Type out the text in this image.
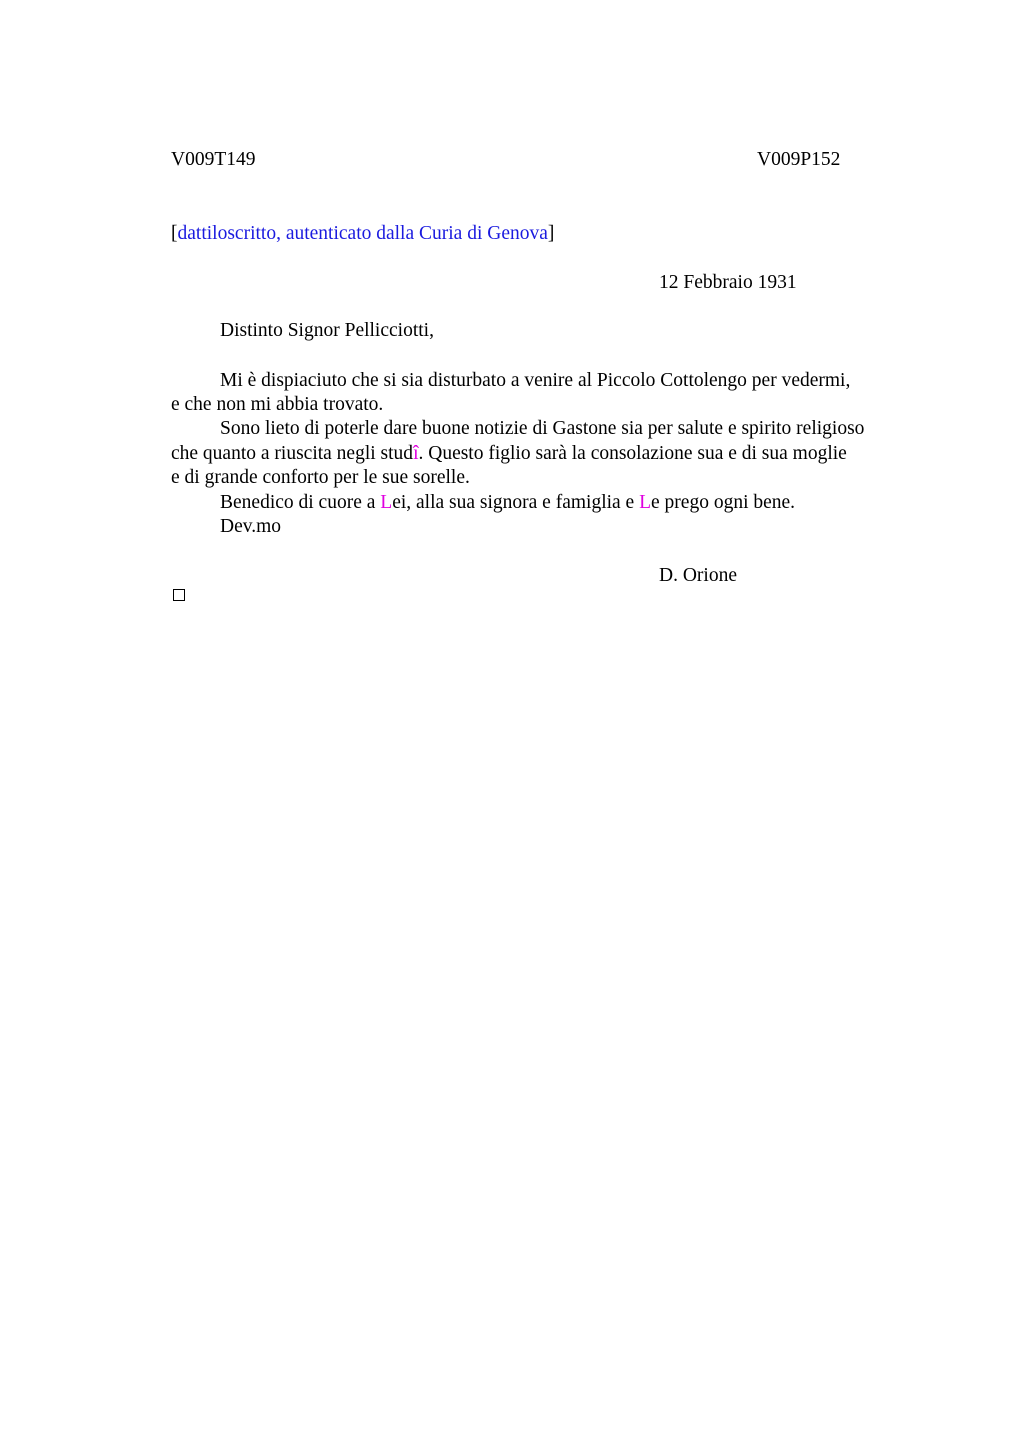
V009T149	V009P152
[dattiloscritto, autenticato dalla Curia di Genova]
12 Febbraio 1931
Distinto Signor Pellicciotti,
Mi è dispiaciuto che si sia disturbato a venire al Piccolo Cottolengo per vedermi,
e che non mi abbia trovato.
Sono lieto di poterle dare buone notizie di Gastone sia per salute e spirito religioso
che quanto a riuscita negli studî. Questo figlio sarà la consolazione sua e di sua moglie
e di grande conforto per le sue sorelle.
Benedico di cuore a Lei, alla sua signora e famiglia e Le prego ogni bene.
Dev.mo
D. Orione
